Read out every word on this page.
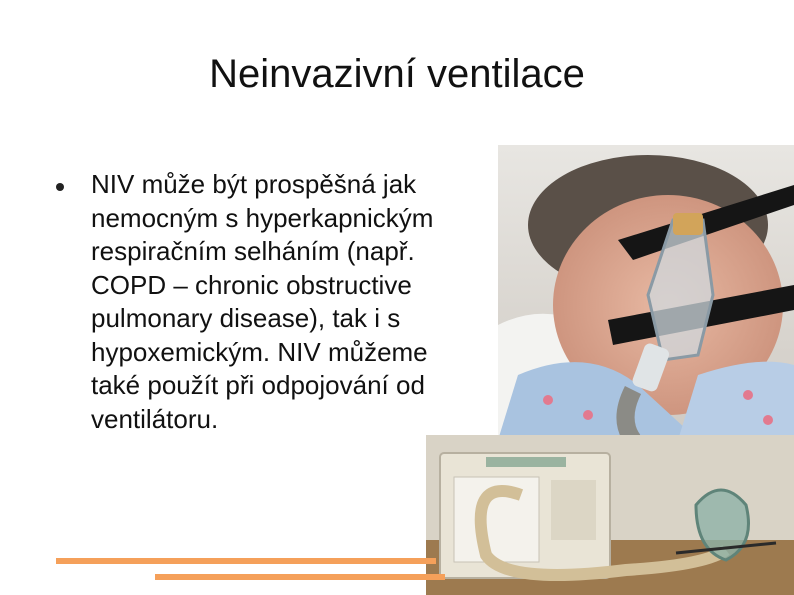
Neinvazivní ventilace

NIV může být prospěšná jak nemocným s hyperkapnickým respiračním selháním (např. COPD – chronic obstructive pulmonary disease), tak i s hypoxemickým. NIV můžeme také použít při odpojování od ventilátoru.
